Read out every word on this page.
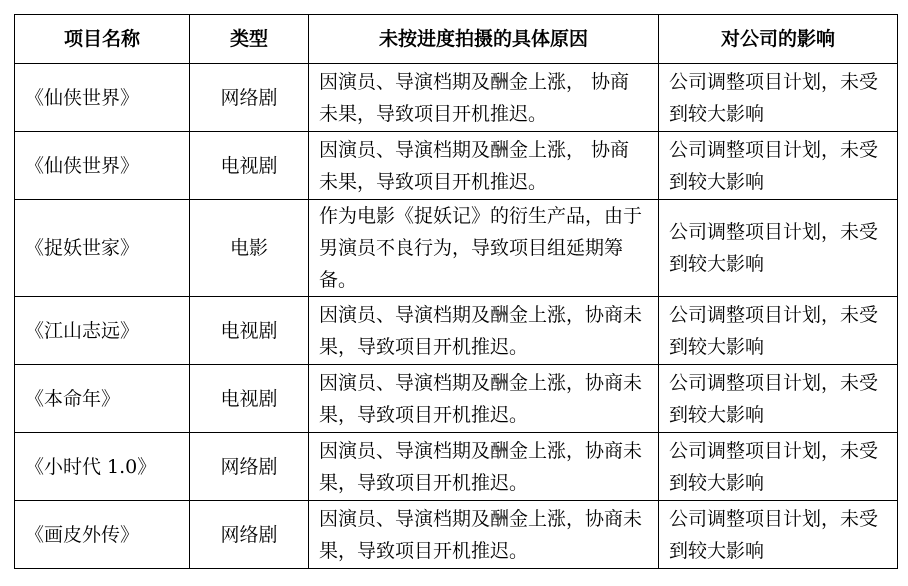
项目名称	类型	未按进度拍摄的具体原因	对公司的影响
《仙侠世界》	网络剧	因演员、导演档期及酬金上涨， 协商未果，导致项目开机推迟。	公司调整项目计划，未受到较大影响
《仙侠世界》	电视剧	因演员、导演档期及酬金上涨， 协商未果，导致项目开机推迟。	公司调整项目计划，未受到较大影响
《捉妖世家》	电影	作为电影《捉妖记》的衍生产品，由于男演员不良行为，导致项目组延期筹备。	公司调整项目计划，未受到较大影响
《江山志远》	电视剧	因演员、导演档期及酬金上涨，协商未果，导致项目开机推迟。	公司调整项目计划，未受到较大影响
《本命年》	电视剧	因演员、导演档期及酬金上涨，协商未果，导致项目开机推迟。	公司调整项目计划，未受到较大影响
《小时代 1.0》	网络剧	因演员、导演档期及酬金上涨，协商未果，导致项目开机推迟。	公司调整项目计划，未受到较大影响
《画皮外传》	网络剧	因演员、导演档期及酬金上涨，协商未果，导致项目开机推迟。	公司调整项目计划，未受到较大影响
